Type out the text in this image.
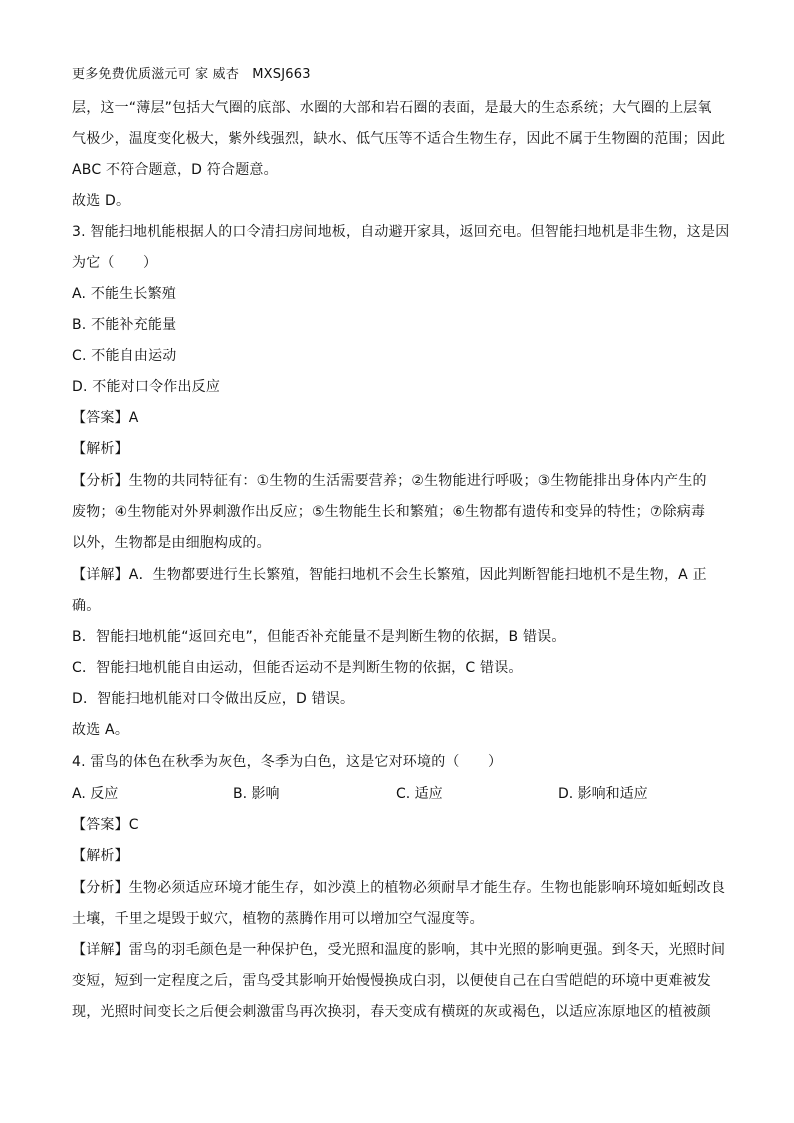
更多免费优质滋元可 家 威杏　MXSJ663
层，这一“薄层”包括大气圈的底部、水圈的大部和岩石圈的表面，是最大的生态系统；大气圈的上层氧
气极少，温度变化极大，紫外线强烈，缺水、低气压等不适合生物生存，因此不属于生物圈的范围；因此
ABC 不符合题意，D 符合题意。
故选 D。
3. 智能扫地机能根据人的口令清扫房间地板，自动避开家具，返回充电。但智能扫地机是非生物，这是因
为它（　　）
A. 不能生长繁殖
B. 不能补充能量
C. 不能自由运动
D. 不能对口令作出反应
【答案】A
【解析】
【分析】生物的共同特征有：①生物的生活需要营养；②生物能进行呼吸；③生物能排出身体内产生的
废物；④生物能对外界刺激作出反应；⑤生物能生长和繁殖；⑥生物都有遗传和变异的特性；⑦除病毒
以外，生物都是由细胞构成的。
【详解】A．生物都要进行生长繁殖，智能扫地机不会生长繁殖，因此判断智能扫地机不是生物，A 正
确。
B．智能扫地机能“返回充电”，但能否补充能量不是判断生物的依据，B 错误。
C．智能扫地机能自由运动，但能否运动不是判断生物的依据，C 错误。
D．智能扫地机能对口令做出反应，D 错误。
故选 A。
4. 雷鸟的体色在秋季为灰色，冬季为白色，这是它对环境的（　　）
A. 反应	B. 影响	C. 适应	D. 影响和适应
【答案】C
【解析】
【分析】生物必须适应环境才能生存，如沙漠上的植物必须耐旱才能生存。生物也能影响环境如蚯蚓改良
土壤，千里之堤毁于蚁穴，植物的蒸腾作用可以增加空气湿度等。
【详解】雷鸟的羽毛颜色是一种保护色，受光照和温度的影响，其中光照的影响更强。到冬天，光照时间
变短，短到一定程度之后，雷鸟受其影响开始慢慢换成白羽，以便使自己在白雪皑皑的环境中更难被发
现，光照时间变长之后便会刺激雷鸟再次换羽，春天变成有横斑的灰或褐色，以适应冻原地区的植被颜
